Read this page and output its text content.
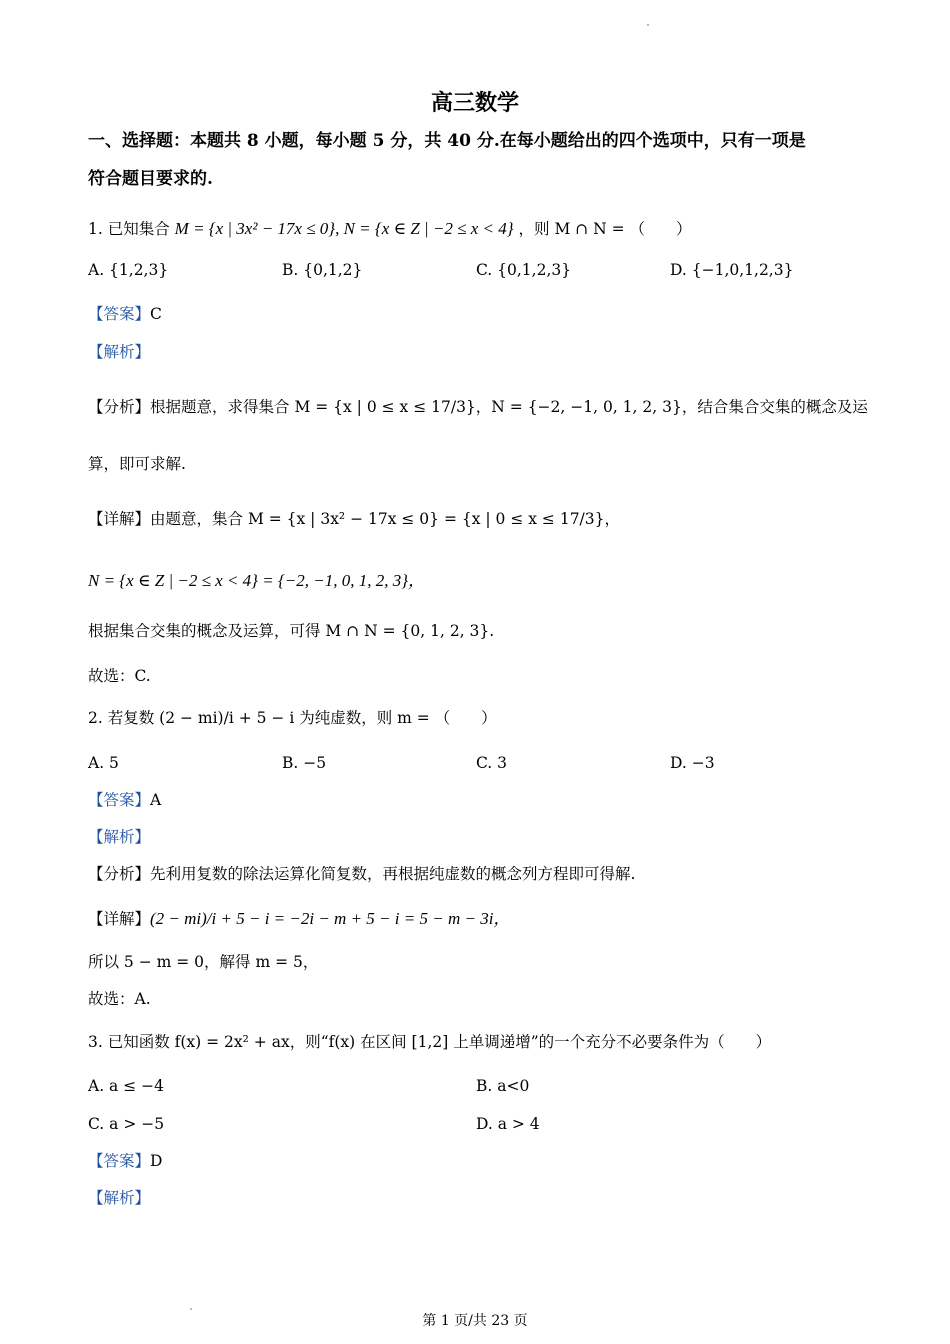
高三数学
一、选择题：本题共 8 小题，每小题 5 分，共 40 分.在每小题给出的四个选项中，只有一项是
符合题目要求的.
1. 已知集合 M = {x | 3x² − 17x ≤ 0}, N = {x ∈ Z | −2 ≤ x < 4} ，则 M ∩ N = （　　）
A. {1,2,3}	B. {0,1,2}	C. {0,1,2,3}	D. {−1,0,1,2,3}
【答案】C
【解析】
【分析】根据题意，求得集合 M = {x | 0 ≤ x ≤ 17/3}，N = {−2, −1, 0, 1, 2, 3}，结合集合交集的概念及运
算，即可求解.
【详解】由题意，集合 M = {x | 3x² − 17x ≤ 0} = {x | 0 ≤ x ≤ 17/3}，
N = {x ∈ Z | −2 ≤ x < 4} = {−2, −1, 0, 1, 2, 3}，
根据集合交集的概念及运算，可得 M ∩ N = {0, 1, 2, 3}.
故选：C.
2. 若复数 (2 − mi)/i + 5 − i 为纯虚数，则 m = （　　）
A. 5	B. −5	C. 3	D. −3
【答案】A
【解析】
【分析】先利用复数的除法运算化简复数，再根据纯虚数的概念列方程即可得解.
【详解】(2 − mi)/i + 5 − i = −2i − m + 5 − i = 5 − m − 3i，
所以 5 − m = 0，解得 m = 5，
故选：A.
3. 已知函数 f(x) = 2x² + ax，则“f(x) 在区间 [1,2] 上单调递增”的一个充分不必要条件为（　　）
A. a ≤ −4	B. a<0
C. a > −5	D. a > 4
【答案】D
【解析】
第 1 页/共 23 页
